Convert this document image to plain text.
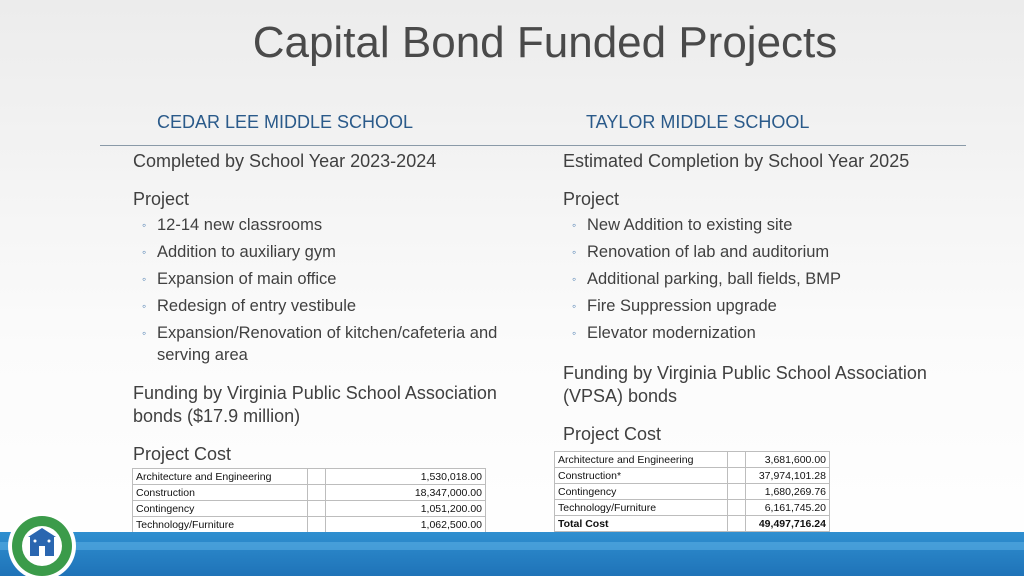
Capital Bond Funded Projects
CEDAR LEE MIDDLE SCHOOL	TAYLOR MIDDLE SCHOOL
Completed by School Year 2023-2024
Project
◦ 12-14 new classrooms
◦ Addition to auxiliary gym
◦ Expansion of main office
◦ Redesign of entry vestibule
◦ Expansion/Renovation of kitchen/cafeteria and
serving area
Funding by Virginia Public School Association
bonds ($17.9 million)
Project Cost
Architecture and Engineering		1,530,018.00
Construction		18,347,000.00
Contingency		1,051,200.00
Technology/Furniture		1,062,500.00

Estimated Completion by School Year 2025
Project
◦ New Addition to existing site
◦ Renovation of lab and auditorium
◦ Additional parking, ball fields, BMP
◦ Fire Suppression upgrade
◦ Elevator modernization
Funding by Virginia Public School Association
(VPSA) bonds
Project Cost
Architecture and Engineering		3,681,600.00
Construction*		37,974,101.28
Contingency		1,680,269.76
Technology/Furniture		6,161,745.20
Total Cost		49,497,716.24
